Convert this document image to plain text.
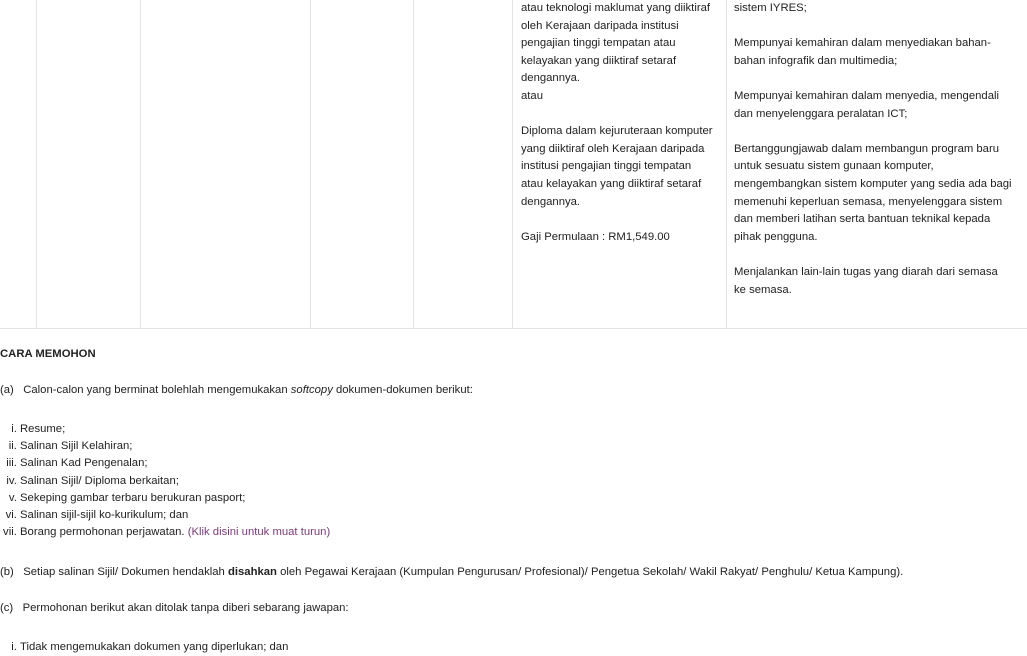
atau teknologi maklumat yang diiktiraf

oleh Kerajaan daripada institusi

pengajian tinggi tempatan atau

kelayakan yang diiktiraf setaraf

dengannya.

atau

Diploma dalam kejuruteraan komputer

yang diiktiraf oleh Kerajaan daripada

institusi pengajian tinggi tempatan

atau kelayakan yang diiktiraf setaraf

dengannya.

Gaji Permulaan : RM1,549.00

sistem IYRES;

Mempunyai kemahiran dalam menyediakan bahan-

bahan infografik dan multimedia;

Mempunyai kemahiran dalam menyedia, mengendali

dan menyelenggara peralatan ICT;

Bertanggungjawab dalam membangun program baru

untuk sesuatu sistem gunaan komputer,

mengembangkan sistem komputer yang sedia ada bagi

memenuhi keperluan semasa, menyelenggara sistem

dan memberi latihan serta bantuan teknikal kepada

pihak pengguna.

Menjalankan lain-lain tugas yang diarah dari semasa

ke semasa.

CARA MEMOHON
(a) Calon-calon yang berminat bolehlah mengemukakan softcopy dokumen-dokumen berikut:
i. Resume;
ii. Salinan Sijil Kelahiran;
iii. Salinan Kad Pengenalan;
iv. Salinan Sijil/ Diploma berkaitan;
v. Sekeping gambar terbaru berukuran pasport;
vi. Salinan sijil-sijil ko-kurikulum; dan
vii. Borang permohonan perjawatan. (Klik disini untuk muat turun)
(b) Setiap salinan Sijil/ Dokumen hendaklah disahkan oleh Pegawai Kerajaan (Kumpulan Pengurusan/ Profesional)/ Pengetua Sekolah/ Wakil Rakyat/ Penghulu/ Ketua Kampung).
(c) Permohonan berikut akan ditolak tanpa diberi sebarang jawapan:
i. Tidak mengemukakan dokumen yang diperlukan; dan
